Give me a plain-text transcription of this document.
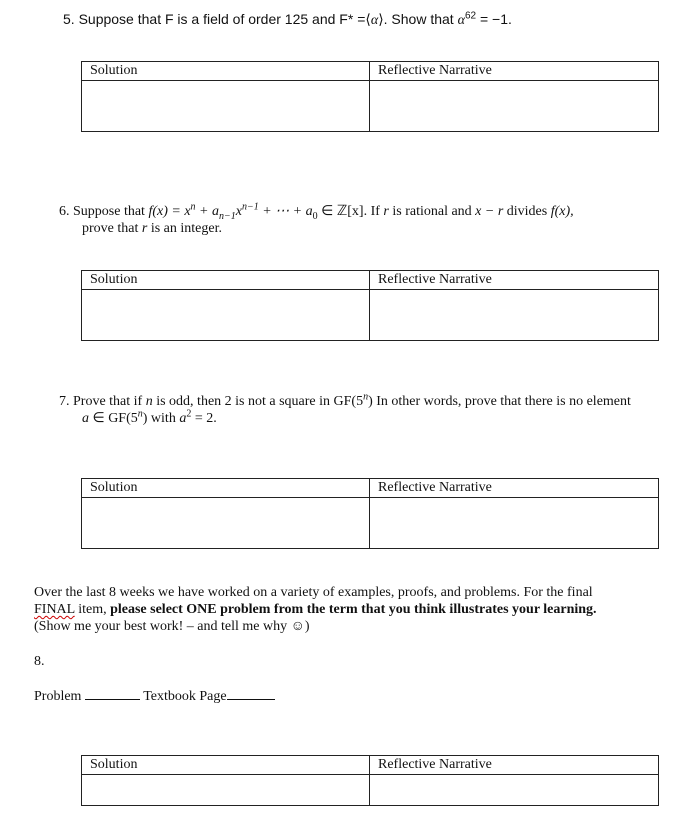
5. Suppose that F is a field of order 125 and F* =⟨α⟩. Show that $\alpha^{62} = -1$.
Solution	Reflective Narrative

6. Suppose that $f(x) = x^n + a_{n-1}x^{n-1}$ + ⋯ + $a_0$ ∈ ℤ[x]. If r is rational and x − r divides f(x),
prove that r is an integer.
Solution	Reflective Narrative

7. Prove that if n is odd, then 2 is not a square in GF(5$^n$) In other words, prove that there is no element
a ∈ GF(5$^n$) with $a^2 = 2$.
Solution	Reflective Narrative

Over the last 8 weeks we have worked on a variety of examples, proofs, and problems. For the final
FINAL item, please select ONE problem from the term that you think illustrates your learning.
(Show me your best work! – and tell me why ☺)
8.
Problem	Textbook Page
Solution	Reflective Narrative
